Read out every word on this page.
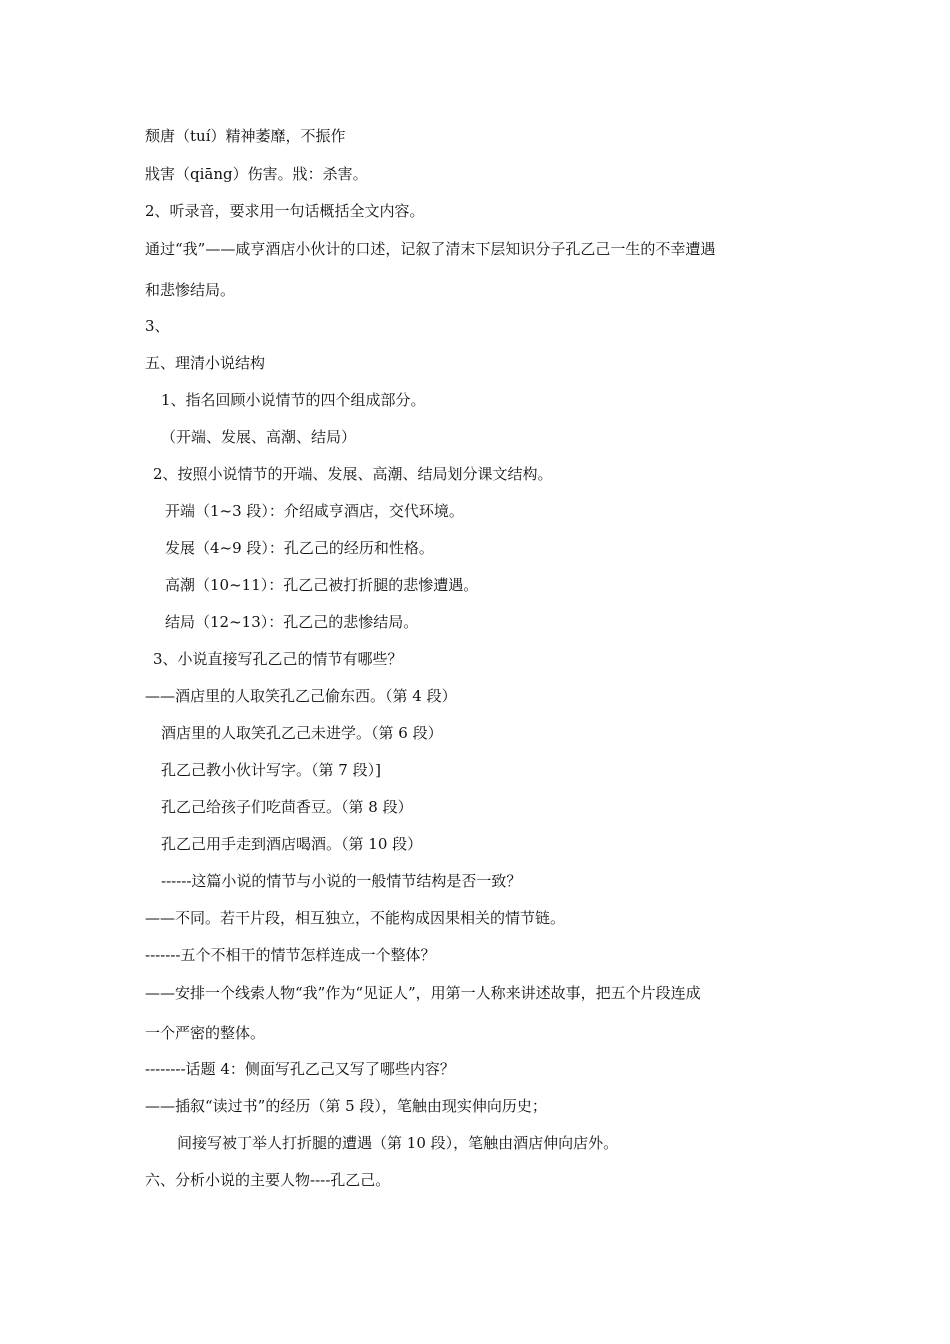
颓唐（tuí）精神萎靡，不振作
戕害（qiāng）伤害。戕：杀害。
2、听录音，要求用一句话概括全文内容。
通过“我”——咸亨酒店小伙计的口述，记叙了清末下层知识分子孔乙己一生的不幸遭遇
和悲惨结局。
3、
五、理清小说结构
1、指名回顾小说情节的四个组成部分。
（开端、发展、高潮、结局）
2、按照小说情节的开端、发展、高潮、结局划分课文结构。
开端（1~3 段）：介绍咸亨酒店，交代环境。
发展（4~9 段）：孔乙己的经历和性格。
高潮（10~11）：孔乙己被打折腿的悲惨遭遇。
结局（12~13）：孔乙己的悲惨结局。
3、小说直接写孔乙己的情节有哪些？
——酒店里的人取笑孔乙己偷东西。（第 4 段）
酒店里的人取笑孔乙己未进学。（第 6 段）
孔乙己教小伙计写字。（第 7 段）]
孔乙己给孩子们吃茴香豆。（第 8 段）
孔乙己用手走到酒店喝酒。（第 10 段）
------这篇小说的情节与小说的一般情节结构是否一致？
——不同。若干片段，相互独立，不能构成因果相关的情节链。
-------五个不相干的情节怎样连成一个整体？
——安排一个线索人物“我”作为“见证人”，用第一人称来讲述故事，把五个片段连成
一个严密的整体。
--------话题 4：侧面写孔乙己又写了哪些内容？
——插叙“读过书”的经历（第 5 段），笔触由现实伸向历史；
间接写被丁举人打折腿的遭遇（第 10 段），笔触由酒店伸向店外。
六、分析小说的主要人物----孔乙己。
